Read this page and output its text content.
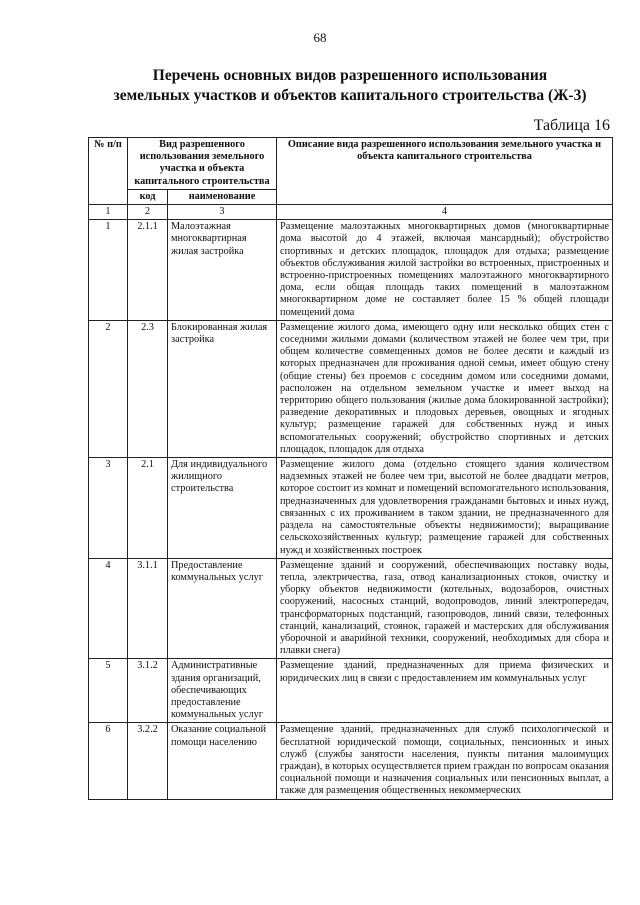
68
Перечень основных видов разрешенного использования
земельных участков и объектов капитального строительства (Ж-3)
Таблица 16
№ п/п	Вид разрешенного использования земельного участка и объекта капитального строительства		Описание вида разрешенного использования земельного участка и объекта капитального строительства
	код	наименование	
1	2	3	4
1	2.1.1	Малоэтажная многоквартирная жилая застройка	Размещение малоэтажных многоквартирных домов (многоквартирные дома высотой до 4 этажей, включая мансардный); обустройство спортивных и детских площадок, площадок для отдыха; размещение объектов обслуживания жилой застройки во встроенных, пристроенных и встроенно-пристроенных помещениях малоэтажного многоквартирного дома, если общая площадь таких помещений в малоэтажном многоквартирном доме не составляет более 15 % общей площади помещений дома
2	2.3	Блокированная жилая застройка	Размещение жилого дома, имеющего одну или несколько общих стен с соседними жилыми домами (количеством этажей не более чем три, при общем количестве совмещенных домов не более десяти и каждый из которых предназначен для проживания одной семьи, имеет общую стену (общие стены) без проемов с соседним домом или соседними домами, расположен на отдельном земельном участке и имеет выход на территорию общего пользования (жилые дома блокированной застройки); разведение декоративных и плодовых деревьев, овощных и ягодных культур; размещение гаражей для собственных нужд и иных вспомогательных сооружений; обустройство спортивных и детских площадок, площадок для отдыха
3	2.1	Для индивидуального жилищного строительства	Размещение жилого дома (отдельно стоящего здания количеством надземных этажей не более чем три, высотой не более двадцати метров, которое состоит из комнат и помещений вспомогательного использования, предназначенных для удовлетворения гражданами бытовых и иных нужд, связанных с их проживанием в таком здании, не предназначенного для раздела на самостоятельные объекты недвижимости); выращивание сельскохозяйственных культур; размещение гаражей для собственных нужд и хозяйственных построек
4	3.1.1	Предоставление коммунальных услуг	Размещение зданий и сооружений, обеспечивающих поставку воды, тепла, электричества, газа, отвод канализационных стоков, очистку и уборку объектов недвижимости (котельных, водозаборов, очистных сооружений, насосных станций, водопроводов, линий электропередач, трансформаторных подстанций, газопроводов, линий связи, телефонных станций, канализаций, стоянок, гаражей и мастерских для обслуживания уборочной и аварийной техники, сооружений, необходимых для сбора и плавки снега)
5	3.1.2	Административные здания организаций, обеспечивающих предоставление коммунальных услуг	Размещение зданий, предназначенных для приема физических и юридических лиц в связи с предоставлением им коммунальных услуг
6	3.2.2	Оказание социальной помощи населению	Размещение зданий, предназначенных для служб психологической и бесплатной юридической помощи, социальных, пенсионных и иных служб (службы занятости населения, пункты питания малоимущих граждан), в которых осуществляется прием граждан по вопросам оказания социальной помощи и назначения социальных или пенсионных выплат, а также для размещения общественных некоммерческих
